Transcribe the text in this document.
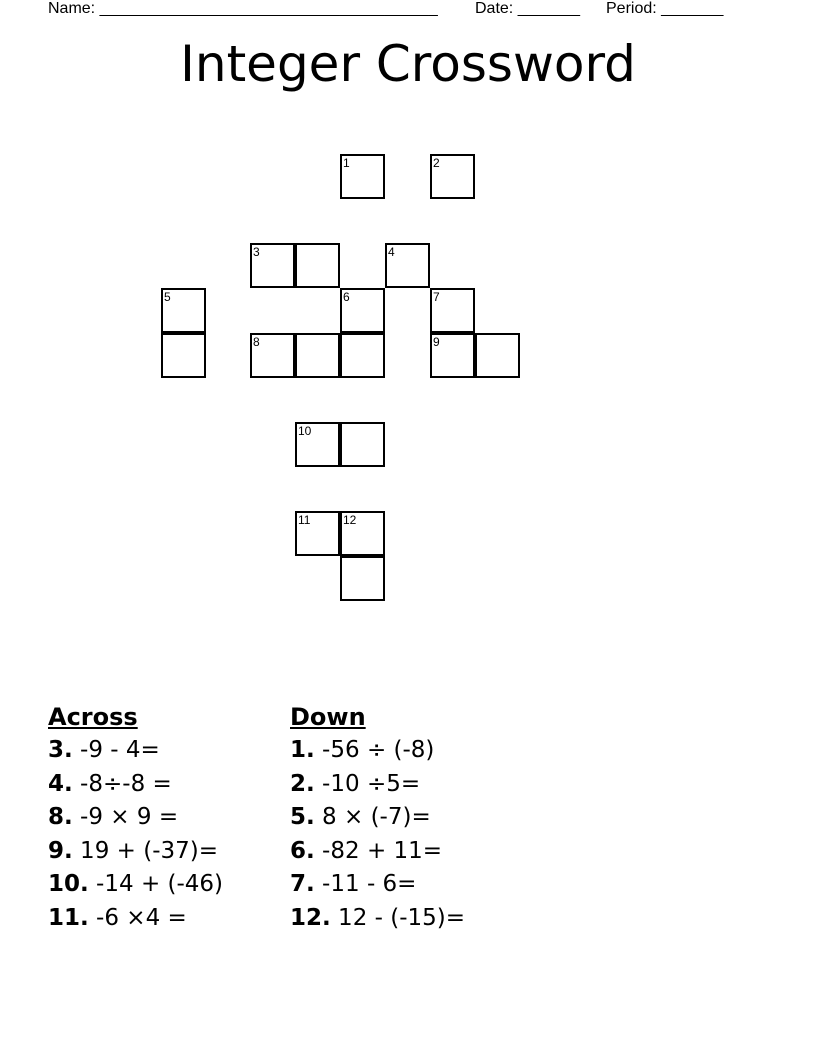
Name: ______________________________________ Date: _______ Period: _______
Integer Crossword
1	2
3	4
5	6	7
8	9
10
11	12
Across
3. -9 - 4=
4. -8÷-8 =
8. -9 × 9 =
9. 19 + (-37)=
10. -14 + (-46)
11. -6 ×4 =
Down
1. -56 ÷ (-8)
2. -10 ÷5=
5. 8 × (-7)=
6. -82 + 11=
7. -11 - 6=
12. 12 - (-15)=
